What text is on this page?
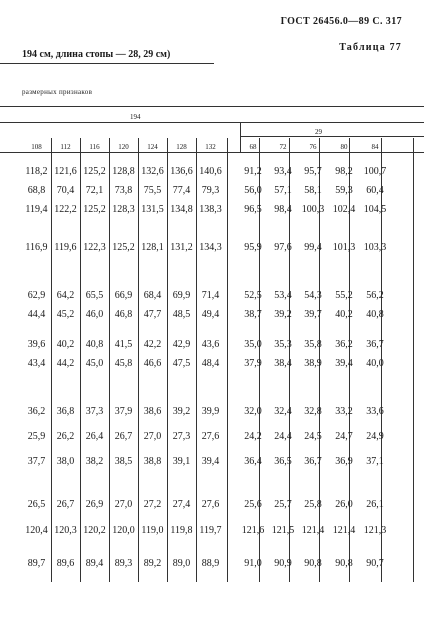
ГОСТ 26456.0—89 С. 317
Таблица 77
194 см, длина стопы — 28, 29 см)
размерных признаков
194
29
108	112	116	120	124	128	132	68	72	76	80	84
118,2 121,6 125,2 128,8 132,6 136,6 140,6	91,2	93,4	95,7	98,2	100,7
68,8	70,4	72,1	73,8	75,5	77,4	79,3	56,0	57,1	58,1	59,3	60,4
119,4 122,2 125,2 128,3 131,5 134,8 138,3	96,5	98,4	100,3 102,4 104,5
116,9 119,6 122,3 125,2 128,1 131,2 134,3	95,9	97,6	99,4	101,3 103,3
62,9	64,2	65,5	66,9	68,4	69,9	71,4	52,5	53,4	54,3	55,2	56,2
44,4	45,2	46,0	46,8	47,7	48,5	49,4	38,7	39,2	39,7	40,2	40,8
39,6	40,2	40,8	41,5	42,2	42,9	43,6	35,0	35,3	35,8	36,2	36,7
43,4	44,2	45,0	45,8	46,6	47,5	48,4	37,9	38,4	38,9	39,4	40,0
36,2	36,8	37,3	37,9	38,6	39,2	39,9	32,0	32,4	32,8	33,2	33,6
25,9	26,2	26,4	26,7	27,0	27,3	27,6	24,2	24,4	24,5	24,7	24,9
37,7	38,0	38,2	38,5	38,8	39,1	39,4	36,4	36,5	36,7	36,9	37,1
26,5	26,7	26,9	27,0	27,2	27,4	27,6	25,6	25,7	25,8	26,0	26,1
120,4 120,3 120,2 120,0 119,0 119,8 119,7	121,6 121,5 121,4 121,4 121,3
89,7	89,6	89,4	89,3	89,2	89,0	88,9	91,0	90,9	90,8	90,8	90,7
